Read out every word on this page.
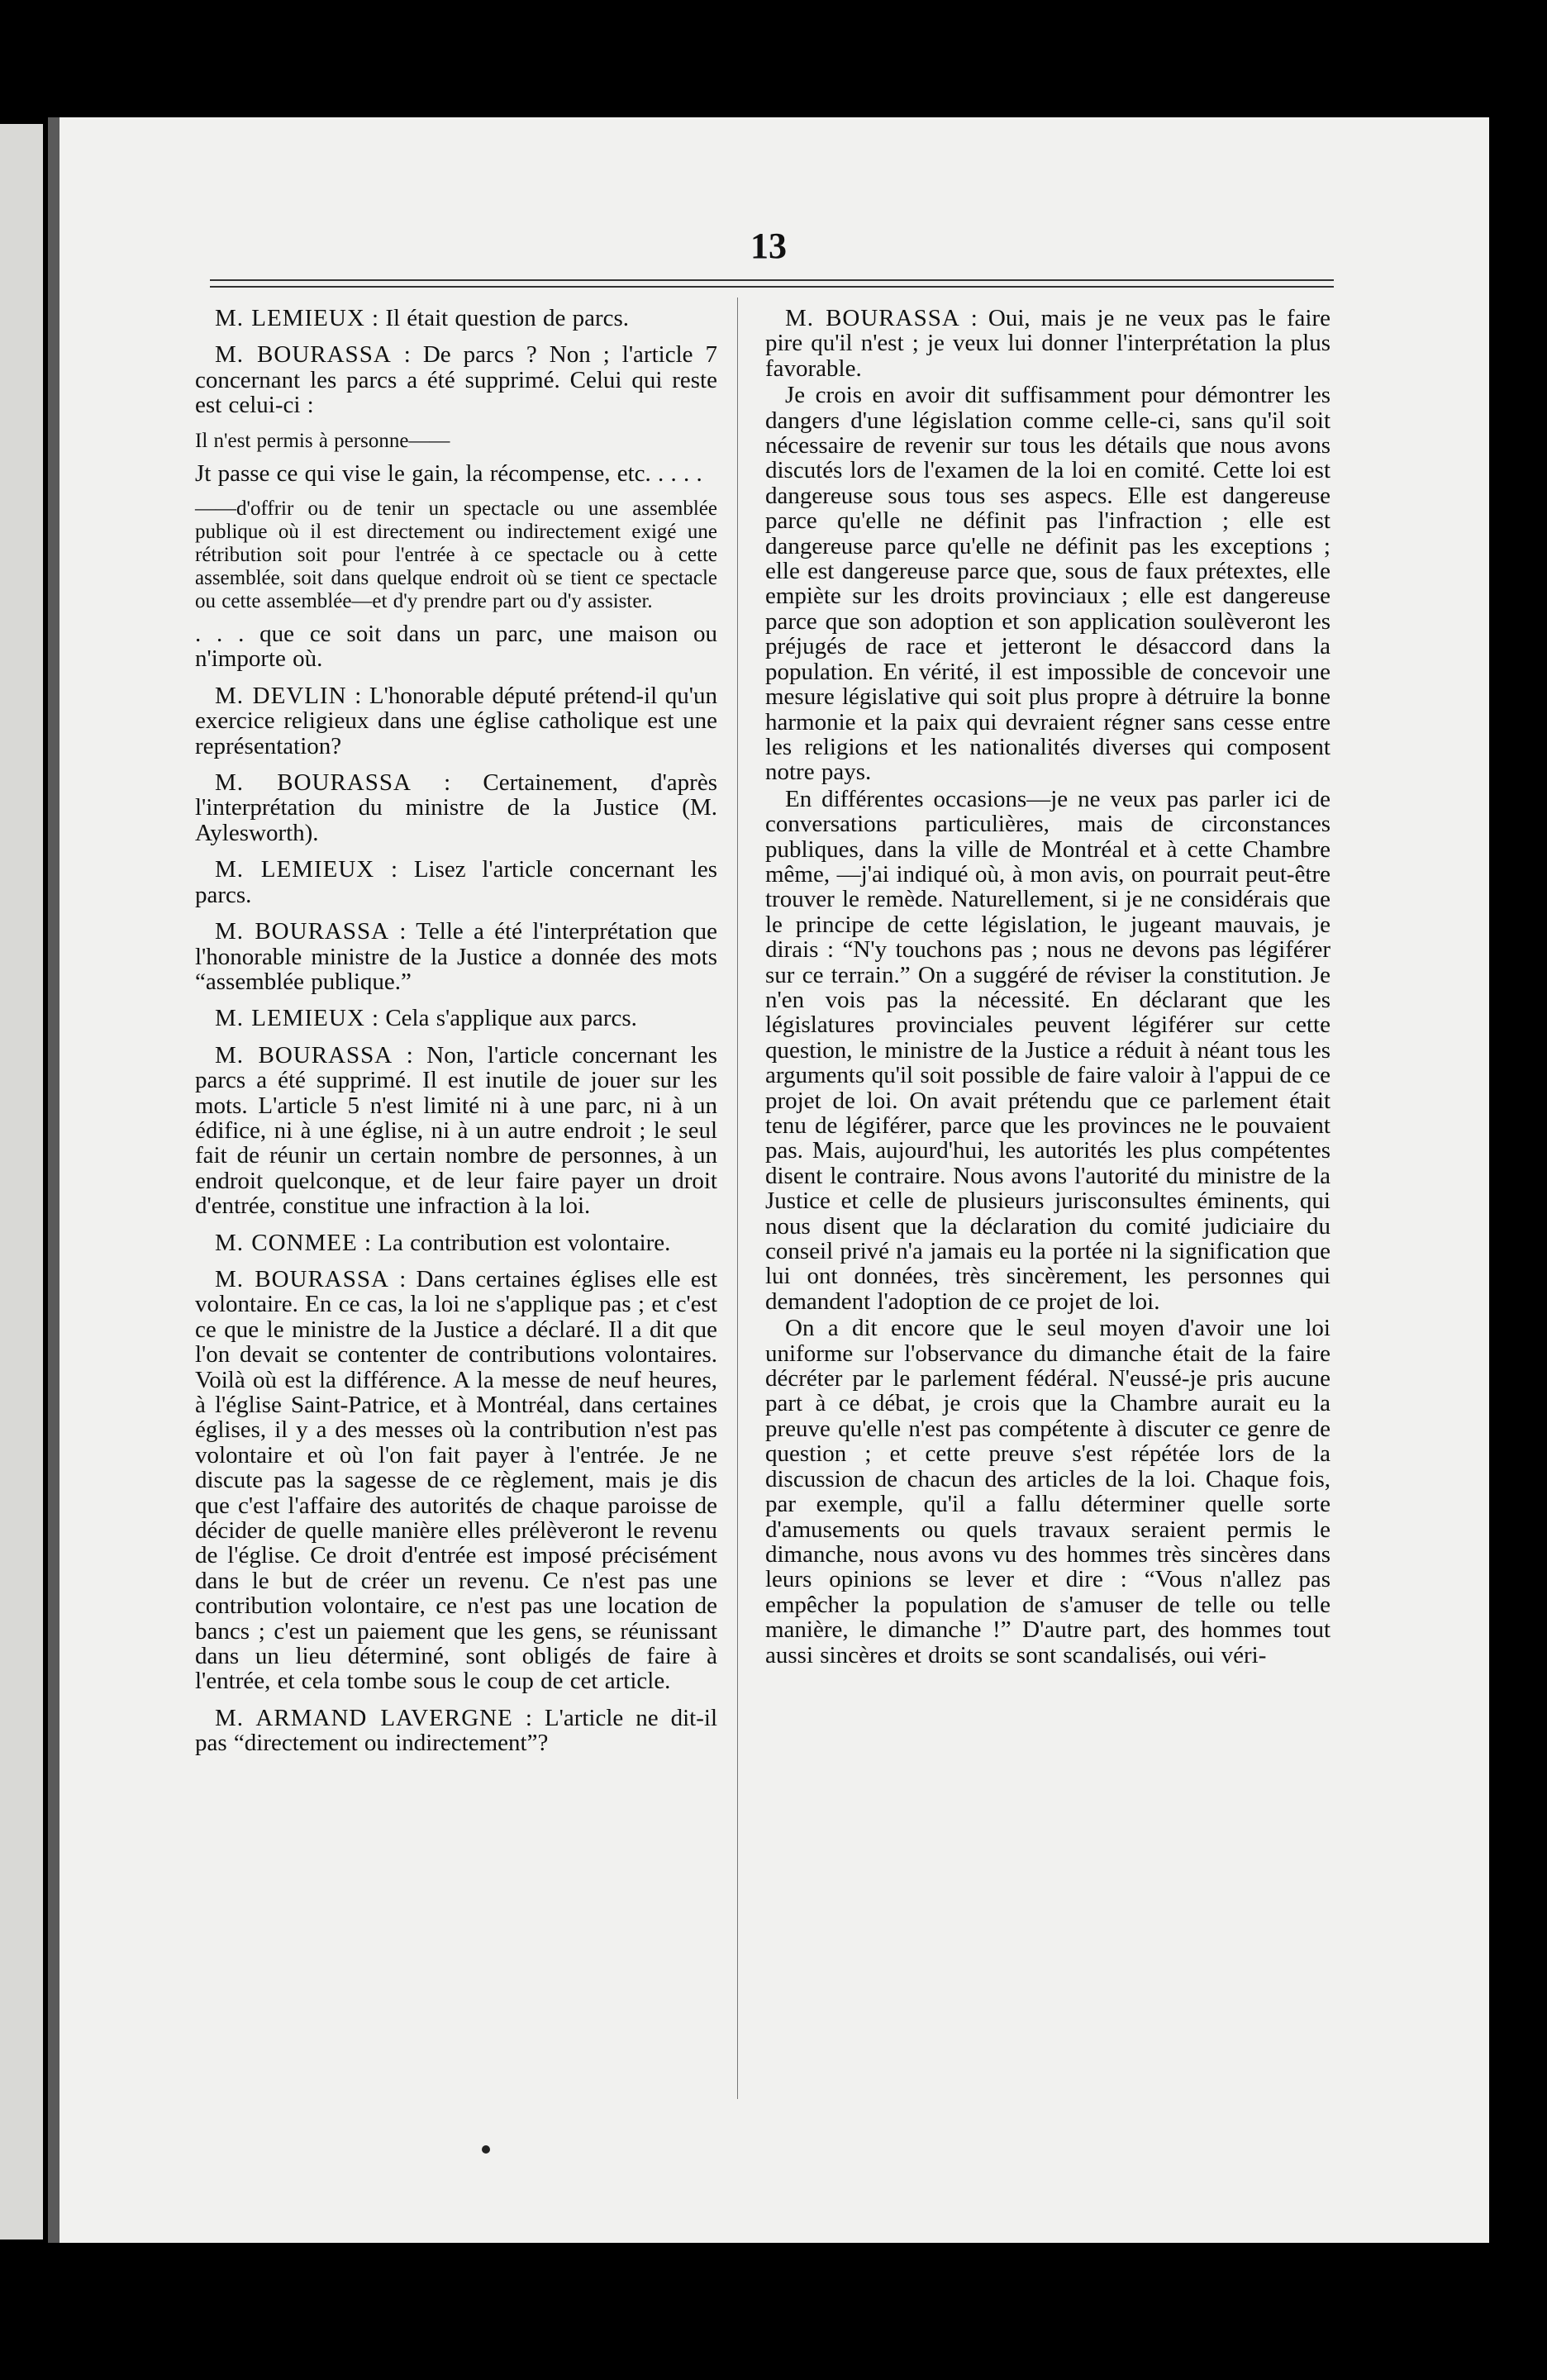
13

M. LEMIEUX : Il était question de parcs.

M. BOURASSA : De parcs ? Non ; l'article 7 concernant les parcs a été supprimé. Celui qui reste est celui-ci :

Il n'est permis à personne——

Jt passe ce qui vise le gain, la récompense, etc. . . . .

——d'offrir ou de tenir un spectacle ou une assemblée publique où il est directement ou indirectement exigé une rétribution soit pour l'entrée à ce spectacle ou à cette assemblée, soit dans quelque endroit où se tient ce spectacle ou cette assemblée—et d'y prendre part ou d'y assister.

. . . que ce soit dans un parc, une maison ou n'importe où.

M. DEVLIN : L'honorable député prétend-il qu'un exercice religieux dans une église catholique est une représentation?

M. BOURASSA : Certainement, d'après l'interprétation du ministre de la Justice (M. Aylesworth).

M. LEMIEUX : Lisez l'article concernant les parcs.

M. BOURASSA : Telle a été l'interprétation que l'honorable ministre de la Justice a donnée des mots “assemblée publique.”

M. LEMIEUX : Cela s'applique aux parcs.

M. BOURASSA : Non, l'article concernant les parcs a été supprimé. Il est inutile de jouer sur les mots. L'article 5 n'est limité ni à une parc, ni à un édifice, ni à une église, ni à un autre endroit ; le seul fait de réunir un certain nombre de personnes, à un endroit quelconque, et de leur faire payer un droit d'entrée, constitue une infraction à la loi.

M. CONMEE : La contribution est volontaire.

M. BOURASSA : Dans certaines églises elle est volontaire. En ce cas, la loi ne s'applique pas ; et c'est ce que le ministre de la Justice a déclaré. Il a dit que l'on devait se contenter de contributions volontaires. Voilà où est la différence. A la messe de neuf heures, à l'église Saint-Patrice, et à Montréal, dans certaines églises, il y a des messes où la contribution n'est pas volontaire et où l'on fait payer à l'entrée. Je ne discute pas la sagesse de ce règlement, mais je dis que c'est l'affaire des autorités de chaque paroisse de décider de quelle manière elles prélèveront le revenu de l'église. Ce droit d'entrée est imposé précisément dans le but de créer un revenu. Ce n'est pas une contribution volontaire, ce n'est pas une location de bancs ; c'est un paiement que les gens, se réunissant dans un lieu déterminé, sont obligés de faire à l'entrée, et cela tombe sous le coup de cet article.

M. ARMAND LAVERGNE : L'article ne dit-il pas “directement ou indirectement”?

M. BOURASSA : Oui, mais je ne veux pas le faire pire qu'il n'est ; je veux lui donner l'interprétation la plus favorable.

Je crois en avoir dit suffisamment pour démontrer les dangers d'une législation comme celle-ci, sans qu'il soit nécessaire de revenir sur tous les détails que nous avons discutés lors de l'examen de la loi en comité. Cette loi est dangereuse sous tous ses aspecs. Elle est dangereuse parce qu'elle ne définit pas l'infraction ; elle est dangereuse parce qu'elle ne définit pas les exceptions ; elle est dangereuse parce que, sous de faux prétextes, elle empiète sur les droits provinciaux ; elle est dangereuse parce que son adoption et son application soulèveront les préjugés de race et jetteront le désaccord dans la population. En vérité, il est impossible de concevoir une mesure législative qui soit plus propre à détruire la bonne harmonie et la paix qui devraient régner sans cesse entre les religions et les nationalités diverses qui composent notre pays.

En différentes occasions—je ne veux pas parler ici de conversations particulières, mais de circonstances publiques, dans la ville de Montréal et à cette Chambre même, —j'ai indiqué où, à mon avis, on pourrait peut-être trouver le remède. Naturellement, si je ne considérais que le principe de cette législation, le jugeant mauvais, je dirais : “N'y touchons pas ; nous ne devons pas légiférer sur ce terrain.” On a suggéré de réviser la constitution. Je n'en vois pas la nécessité. En déclarant que les législatures provinciales peuvent légiférer sur cette question, le ministre de la Justice a réduit à néant tous les arguments qu'il soit possible de faire valoir à l'appui de ce projet de loi. On avait prétendu que ce parlement était tenu de légiférer, parce que les provinces ne le pouvaient pas. Mais, aujourd'hui, les autorités les plus compétentes disent le contraire. Nous avons l'autorité du ministre de la Justice et celle de plusieurs jurisconsultes éminents, qui nous disent que la déclaration du comité judiciaire du conseil privé n'a jamais eu la portée ni la signification que lui ont données, très sincèrement, les personnes qui demandent l'adoption de ce projet de loi.

On a dit encore que le seul moyen d'avoir une loi uniforme sur l'observance du dimanche était de la faire décréter par le parlement fédéral. N'eussé-je pris aucune part à ce débat, je crois que la Chambre aurait eu la preuve qu'elle n'est pas compétente à discuter ce genre de question ; et cette preuve s'est répétée lors de la discussion de chacun des articles de la loi. Chaque fois, par exemple, qu'il a fallu déterminer quelle sorte d'amusements ou quels travaux seraient permis le dimanche, nous avons vu des hommes très sincères dans leurs opinions se lever et dire : “Vous n'allez pas empêcher la population de s'amuser de telle ou telle manière, le dimanche !” D'autre part, des hommes tout aussi sincères et droits se sont scandalisés, oui véri-
